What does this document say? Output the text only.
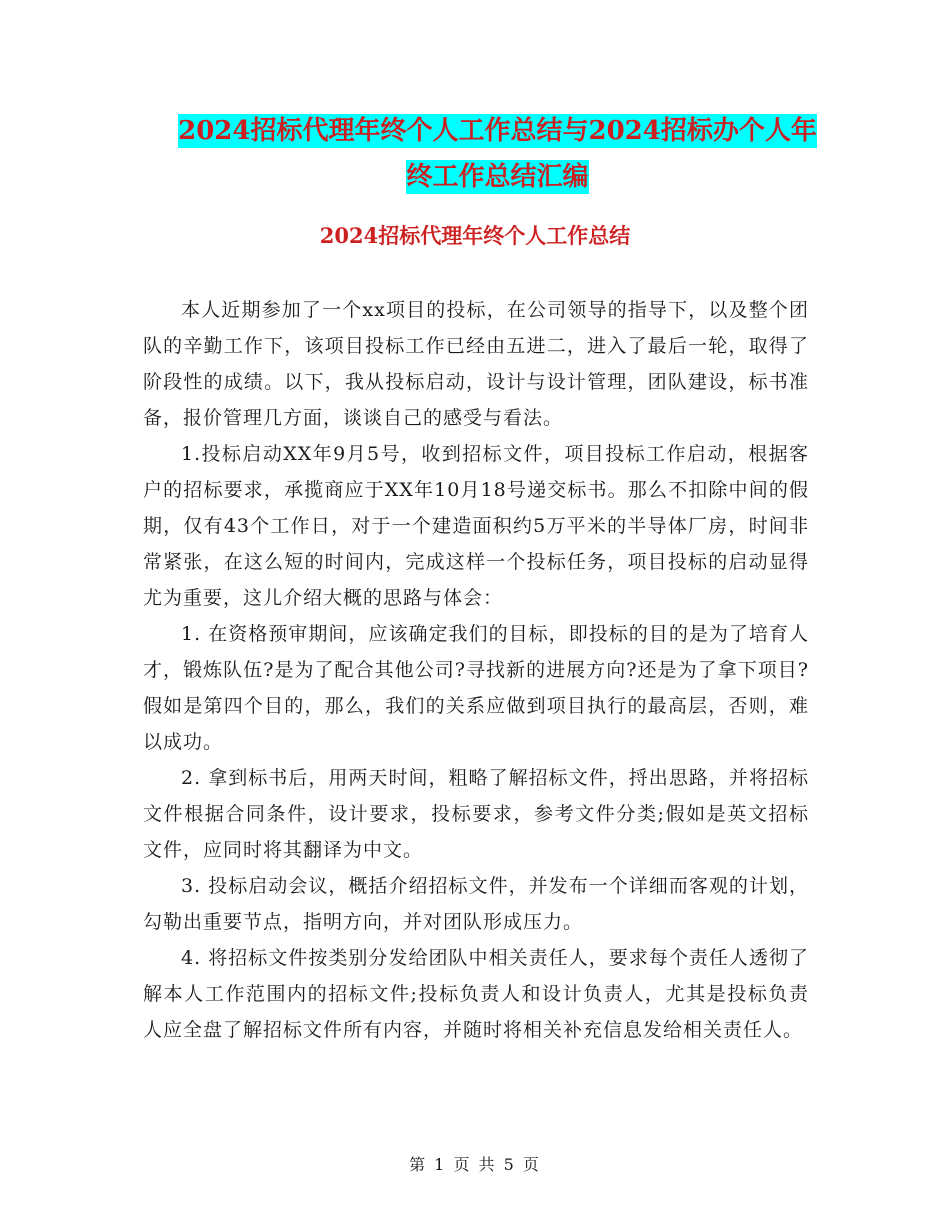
2024招标代理年终个人工作总结与2024招标办个人年
终工作总结汇编
2024招标代理年终个人工作总结

本人近期参加了一个xx项目的投标，在公司领导的指导下，以及整个团队的辛勤工作下，该项目投标工作已经由五进二，进入了最后一轮，取得了阶段性的成绩。以下，我从投标启动，设计与设计管理，团队建设，标书准备，报价管理几方面，谈谈自己的感受与看法。

1.投标启动XX年9月5号，收到招标文件，项目投标工作启动，根据客户的招标要求，承揽商应于XX年10月18号递交标书。那么不扣除中间的假期，仅有43个工作日，对于一个建造面积约5万平米的半导体厂房，时间非常紧张，在这么短的时间内，完成这样一个投标任务，项目投标的启动显得尤为重要，这儿介绍大概的思路与体会：

1. 在资格预审期间，应该确定我们的目标，即投标的目的是为了培育人才，锻炼队伍?是为了配合其他公司?寻找新的进展方向?还是为了拿下项目?假如是第四个目的，那么，我们的关系应做到项目执行的最高层，否则，难以成功。

2. 拿到标书后，用两天时间，粗略了解招标文件，捋出思路，并将招标文件根据合同条件，设计要求，投标要求，参考文件分类;假如是英文招标文件，应同时将其翻译为中文。

3. 投标启动会议，概括介绍招标文件，并发布一个详细而客观的计划，勾勒出重要节点，指明方向，并对团队形成压力。

4. 将招标文件按类别分发给团队中相关责任人，要求每个责任人透彻了解本人工作范围内的招标文件;投标负责人和设计负责人，尤其是投标负责人应全盘了解招标文件所有内容，并随时将相关补充信息发给相关责任人。

第 1 页 共 5 页
